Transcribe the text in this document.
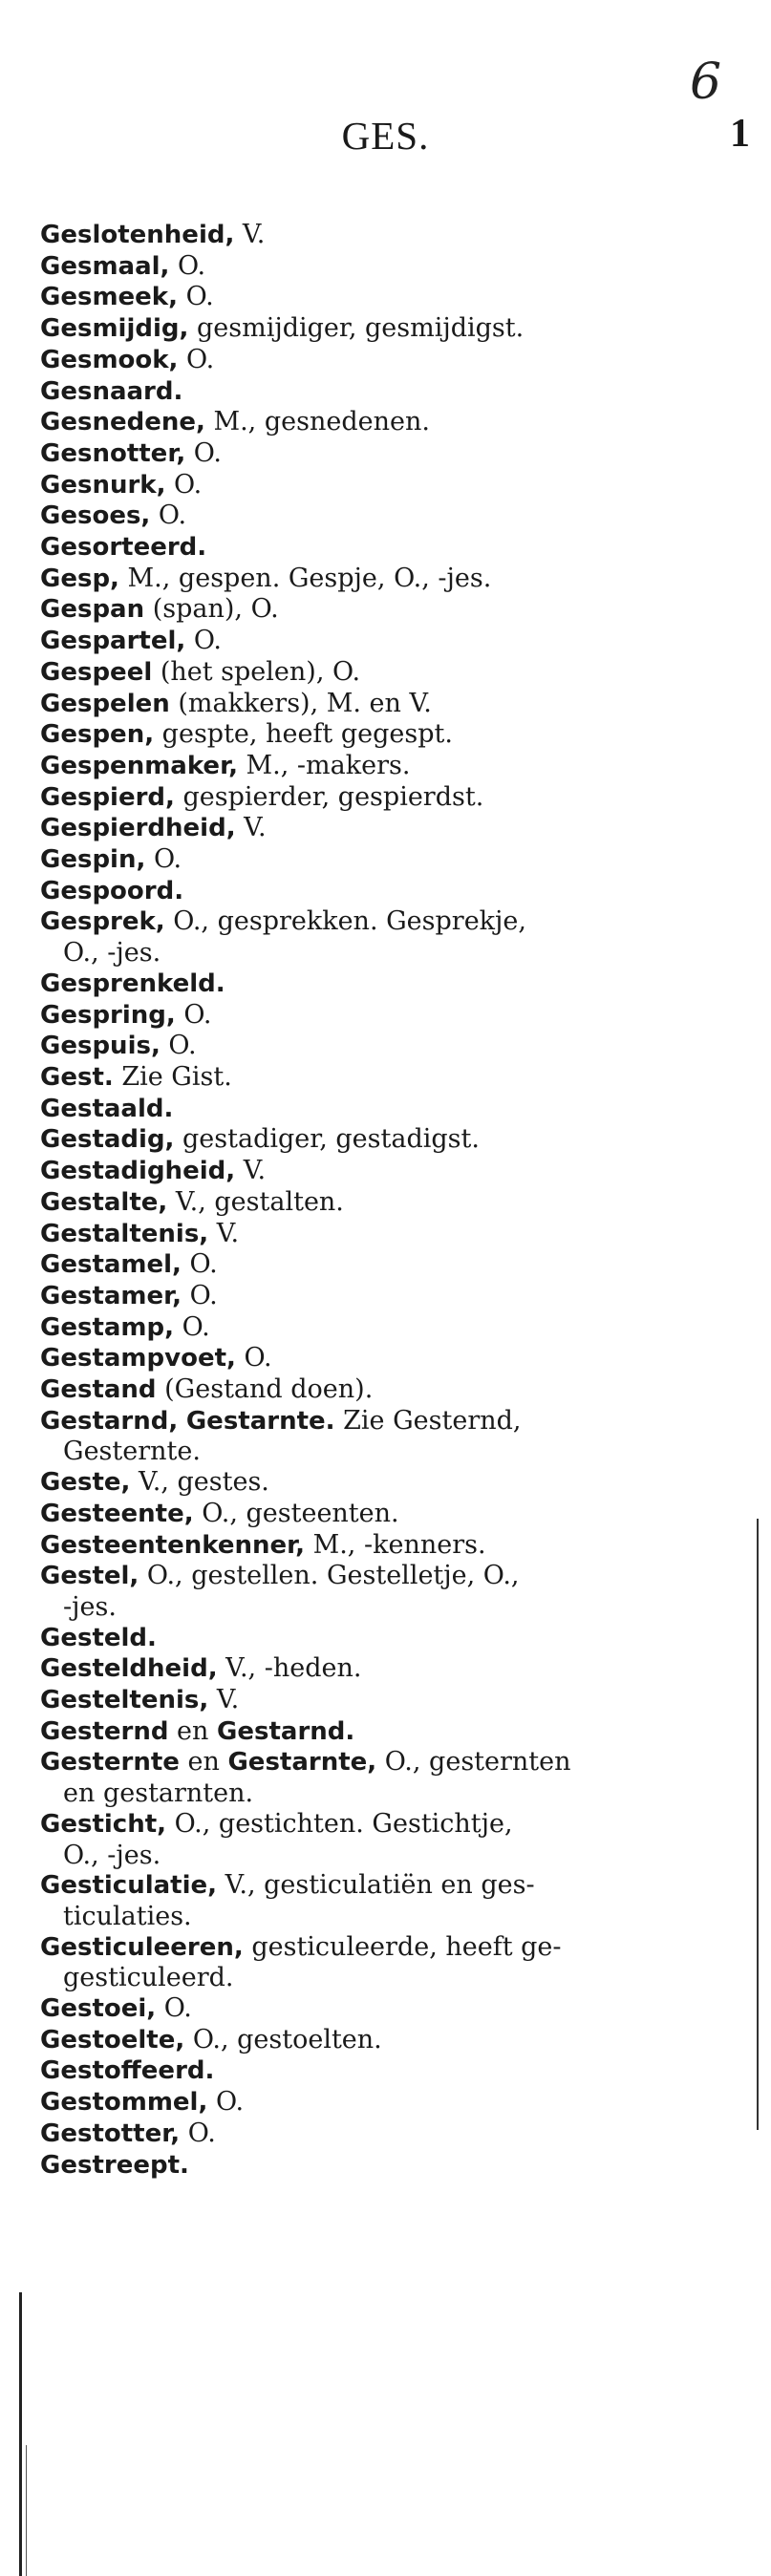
6
GES.	1
Geslotenheid, V.
Gesmaal, O.
Gesmeek, O.
Gesmijdig, gesmijdiger, gesmijdigst.
Gesmook, O.
Gesnaard.
Gesnedene, M., gesnedenen.
Gesnotter, O.
Gesnurk, O.
Gesoes, O.
Gesorteerd.
Gesp, M., gespen. Gespje, O., -jes.
Gespan (span), O.
Gespartel, O.
Gespeel (het spelen), O.
Gespelen (makkers), M. en V.
Gespen, gespte, heeft gegespt.
Gespenmaker, M., -makers.
Gespierd, gespierder, gespierdst.
Gespierdheid, V.
Gespin, O.
Gespoord.
Gesprek, O., gesprekken. Gesprekje,
O., -jes.
Gesprenkeld.
Gespring, O.
Gespuis, O.
Gest. Zie Gist.
Gestaald.
Gestadig, gestadiger, gestadigst.
Gestadigheid, V.
Gestalte, V., gestalten.
Gestaltenis, V.
Gestamel, O.
Gestamer, O.
Gestamp, O.
Gestampvoet, O.
Gestand (Gestand doen).
Gestarnd, Gestarnte. Zie Gesternd,
Gesternte.
Geste, V., gestes.
Gesteente, O., gesteenten.
Gesteentenkenner, M., -kenners.
Gestel, O., gestellen. Gestelletje, O.,
-jes.
Gesteld.
Gesteldheid, V., -heden.
Gesteltenis, V.
Gesternd en Gestarnd.
Gesternte en Gestarnte, O., gesternten
en gestarnten.
Gesticht, O., gestichten. Gestichtje,
O., -jes.
Gesticulatie, V., gesticulatiën en ges-
ticulaties.
Gesticuleeren, gesticuleerde, heeft ge-
gesticuleerd.
Gestoei, O.
Gestoelte, O., gestoelten.
Gestoffeerd.
Gestommel, O.
Gestotter, O.
Gestreept.
